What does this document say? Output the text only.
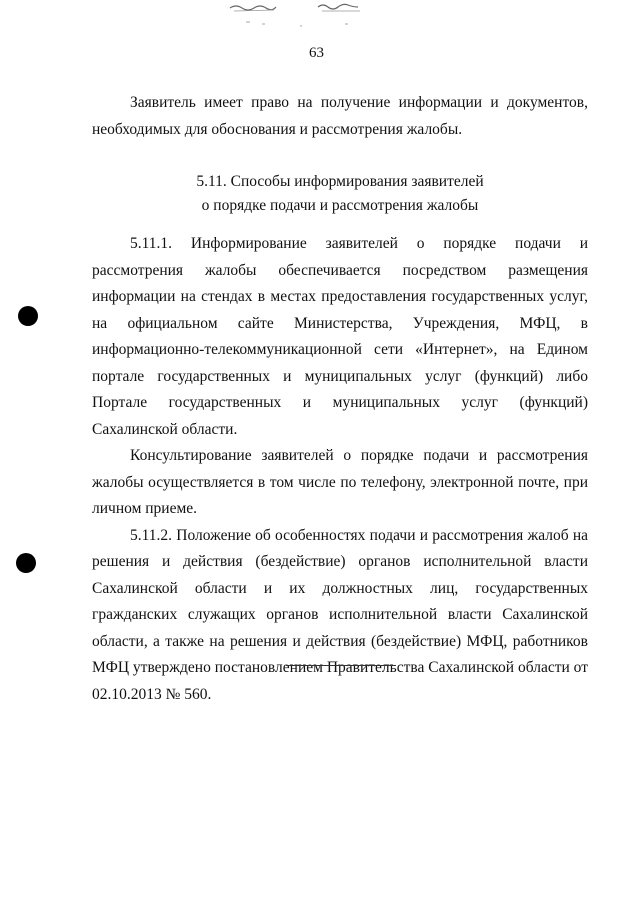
63

Заявитель имеет право на получение информации и документов, необходимых для обоснования и рассмотрения жалобы.

5.11. Способы информирования заявителей
о порядке подачи и рассмотрения жалобы

5.11.1. Информирование заявителей о порядке подачи и рассмотрения жалобы обеспечивается посредством размещения информации на стендах в местах предоставления государственных услуг, на официальном сайте Министерства, Учреждения, МФЦ, в информационно-телекоммуникационной сети «Интернет», на Едином портале государственных и муниципальных услуг (функций) либо Портале государственных и муниципальных услуг (функций) Сахалинской области.

Консультирование заявителей о порядке подачи и рассмотрения жалобы осуществляется в том числе по телефону, электронной почте, при личном приеме.

5.11.2. Положение об особенностях подачи и рассмотрения жалоб на решения и действия (бездействие) органов исполнительной власти Сахалинской области и их должностных лиц, государственных гражданских служащих органов исполнительной власти Сахалинской области, а также на решения и действия (бездействие) МФЦ, работников МФЦ утверждено постановлением Правительства Сахалинской области от 02.10.2013 № 560.
